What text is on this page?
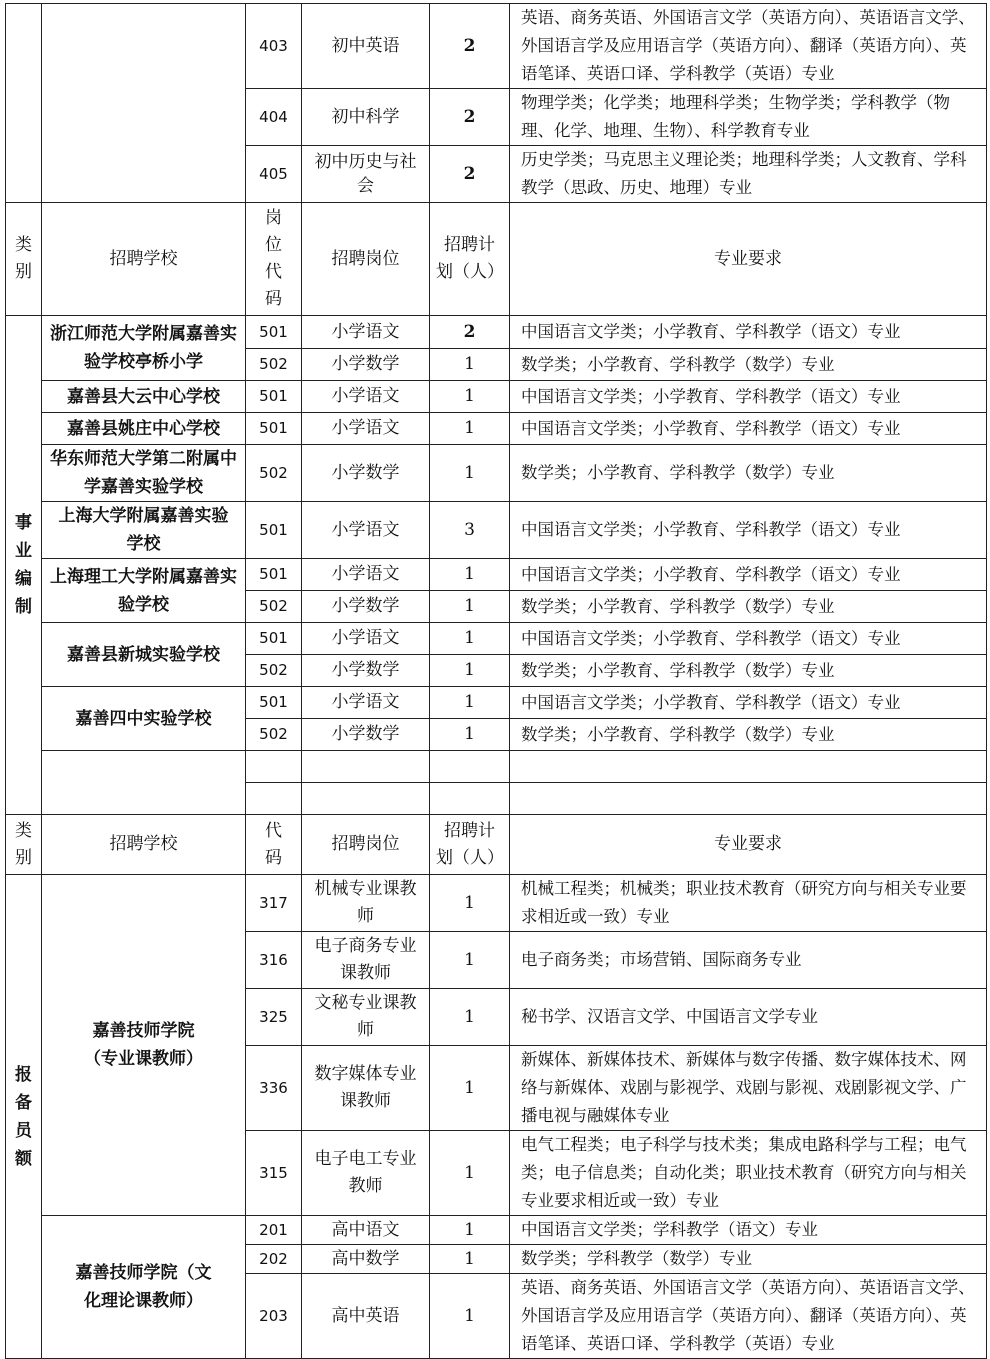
		403	初中英语	2	英语、商务英语、外国语言文学（英语方向）、英语语言文学、外国语言学及应用语言学（英语方向）、翻译（英语方向）、英语笔译、英语口译、学科教学（英语）专业
		404	初中科学	2	物理学类；化学类；地理科学类；生物学类；学科教学（物理、化学、地理、生物）、科学教育专业
		405	初中历史与社会	2	历史学类；马克思主义理论类；地理科学类；人文教育、学科教学（思政、历史、地理）专业
类别	招聘学校	岗位代码	招聘岗位	招聘计划（人）	专业要求
事业编制	浙江师范大学附属嘉善实验学校亭桥小学	501	小学语文	2	中国语言文学类；小学教育、学科教学（语文）专业
		502	小学数学	1	数学类；小学教育、学科教学（数学）专业
	嘉善县大云中心学校	501	小学语文	1	中国语言文学类；小学教育、学科教学（语文）专业
	嘉善县姚庄中心学校	501	小学语文	1	中国语言文学类；小学教育、学科教学（语文）专业
	华东师范大学第二附属中学嘉善实验学校	502	小学数学	1	数学类；小学教育、学科教学（数学）专业
	上海大学附属嘉善实验学校	501	小学语文	3	中国语言文学类；小学教育、学科教学（语文）专业
	上海理工大学附属嘉善实验学校	501	小学语文	1	中国语言文学类；小学教育、学科教学（语文）专业
		502	小学数学	1	数学类；小学教育、学科教学（数学）专业
	嘉善县新城实验学校	501	小学语文	1	中国语言文学类；小学教育、学科教学（语文）专业
		502	小学数学	1	数学类；小学教育、学科教学（数学）专业
	嘉善四中实验学校	501	小学语文	1	中国语言文学类；小学教育、学科教学（语文）专业
		502	小学数学	1	数学类；小学教育、学科教学（数学）专业

类别	招聘学校	代码	招聘岗位	招聘计划（人）	专业要求
报备员额	嘉善技师学院（专业课教师）	317	机械专业课教师	1	机械工程类；机械类；职业技术教育（研究方向与相关专业要求相近或一致）专业
		316	电子商务专业课教师	1	电子商务类；市场营销、国际商务专业
		325	文秘专业课教师	1	秘书学、汉语言文学、中国语言文学专业
		336	数字媒体专业课教师	1	新媒体、新媒体技术、新媒体与数字传播、数字媒体技术、网络与新媒体、戏剧与影视学、戏剧与影视、戏剧影视文学、广播电视与融媒体专业
		315	电子电工专业教师	1	电气工程类；电子科学与技术类；集成电路科学与工程；电气类；电子信息类；自动化类；职业技术教育（研究方向与相关专业要求相近或一致）专业
	嘉善技师学院（文化理论课教师）	201	高中语文	1	中国语言文学类；学科教学（语文）专业
		202	高中数学	1	数学类；学科教学（数学）专业
		203	高中英语	1	英语、商务英语、外国语言文学（英语方向）、英语语言文学、外国语言学及应用语言学（英语方向）、翻译（英语方向）、英语笔译、英语口译、学科教学（英语）专业
